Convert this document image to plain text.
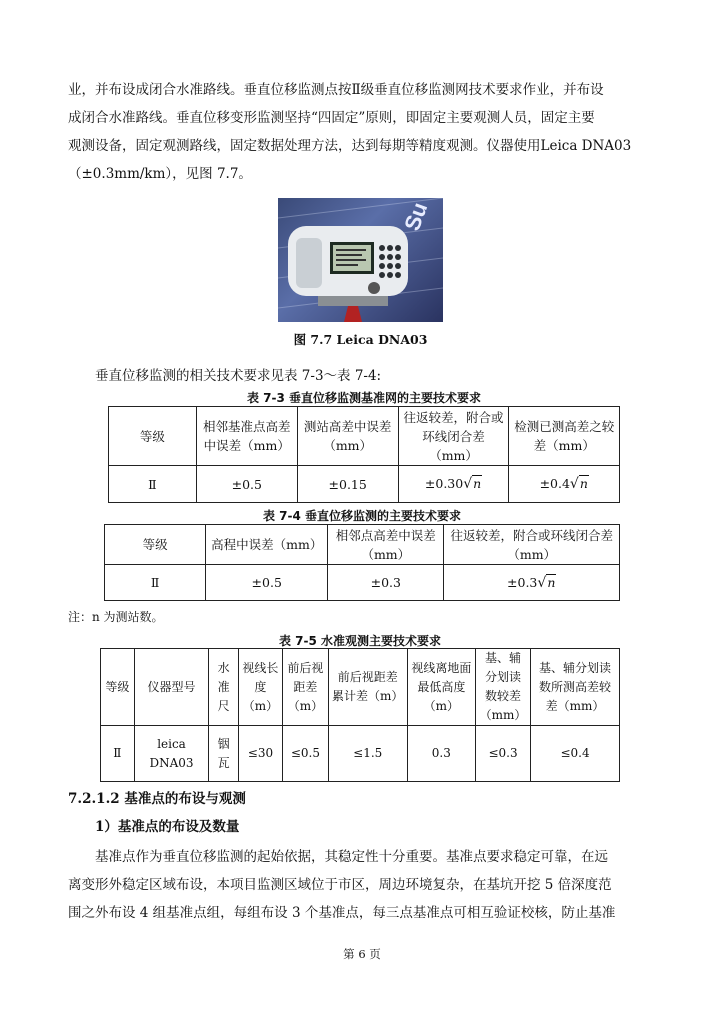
业，并布设成闭合水准路线。垂直位移监测点按Ⅱ级垂直位移监测网技术要求作业，并布设

成闭合水准路线。垂直位移变形监测坚持“四固定”原则，即固定主要观测人员，固定主要

观测设备，固定观测路线，固定数据处理方法，达到每期等精度观测。仪器使用Leica DNA03

（±0.3mm/km），见图 7.7。

Su
图 7.7 Leica DNA03

垂直位移监测的相关技术要求见表 7-3～表 7-4:

表 7-3 垂直位移监测基准网的主要技术要求
等级	相邻基准点高差中误差（mm）	测站高差中误差（mm）	往返较差，附合或环线闭合差（mm）	检测已测高差之较差（mm）
Ⅱ	±0.5	±0.15	±0.30√n	±0.4√n
表 7-4 垂直位移监测的主要技术要求
等级	高程中误差（mm）	相邻点高差中误差（mm）	往返较差，附合或环线闭合差（mm）
Ⅱ	±0.5	±0.3	±0.3√n
注：n 为测站数。
表 7-5 水准观测主要技术要求
等级	仪器型号	水准尺	视线长度（m）	前后视距差（m）	前后视距差累计差（m）	视线离地面最低高度（m）	基、辅分划读数较差（mm）	基、辅分划读数所测高差较差（mm）
Ⅱ	leica DNA03	铟瓦	≤30	≤0.5	≤1.5	0.3	≤0.3	≤0.4
7.2.1.2 基准点的布设与观测
1）基准点的布设及数量

基准点作为垂直位移监测的起始依据，其稳定性十分重要。基准点要求稳定可靠，在远

离变形外稳定区域布设，本项目监测区域位于市区，周边环境复杂，在基坑开挖 5 倍深度范

围之外布设 4 组基准点组，每组布设 3 个基准点，每三点基准点可相互验证校核，防止基准

第 6 页
